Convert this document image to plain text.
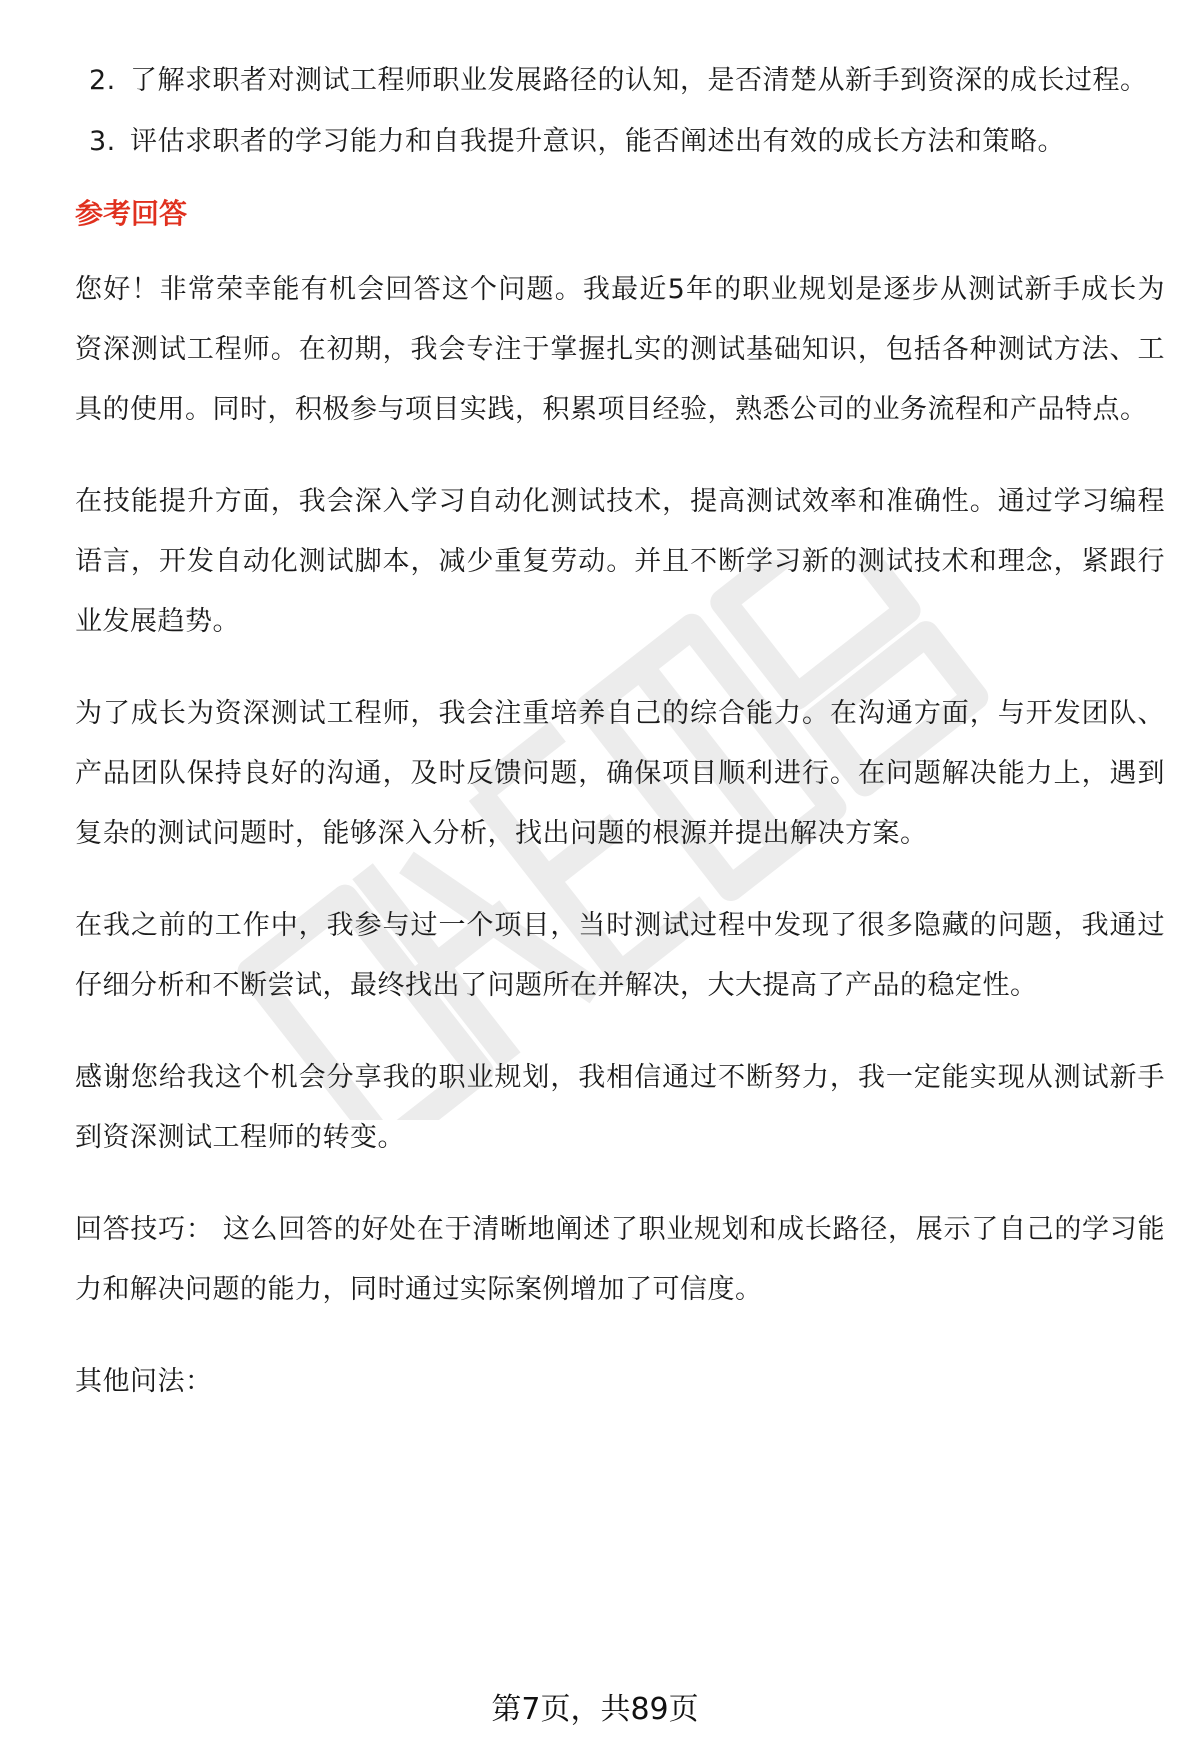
2. 了解求职者对测试工程师职业发展路径的认知，是否清楚从新手到资深的成长过程。
3. 评估求职者的学习能力和自我提升意识，能否阐述出有效的成长方法和策略。
参考回答

您好！非常荣幸能有机会回答这个问题。我最近5年的职业规划是逐步从测试新手成长为资深测试工程师。在初期，我会专注于掌握扎实的测试基础知识，包括各种测试方法、工具的使用。同时，积极参与项目实践，积累项目经验，熟悉公司的业务流程和产品特点。

在技能提升方面，我会深入学习自动化测试技术，提高测试效率和准确性。通过学习编程语言，开发自动化测试脚本，减少重复劳动。并且不断学习新的测试技术和理念，紧跟行业发展趋势。

为了成长为资深测试工程师，我会注重培养自己的综合能力。在沟通方面，与开发团队、产品团队保持良好的沟通，及时反馈问题，确保项目顺利进行。在问题解决能力上，遇到复杂的测试问题时，能够深入分析，找出问题的根源并提出解决方案。

在我之前的工作中，我参与过一个项目，当时测试过程中发现了很多隐藏的问题，我通过仔细分析和不断尝试，最终找出了问题所在并解决，大大提高了产品的稳定性。

感谢您给我这个机会分享我的职业规划，我相信通过不断努力，我一定能实现从测试新手到资深测试工程师的转变。

回答技巧： 这么回答的好处在于清晰地阐述了职业规划和成长路径，展示了自己的学习能力和解决问题的能力，同时通过实际案例增加了可信度。

其他问法：

第7页，共89页
